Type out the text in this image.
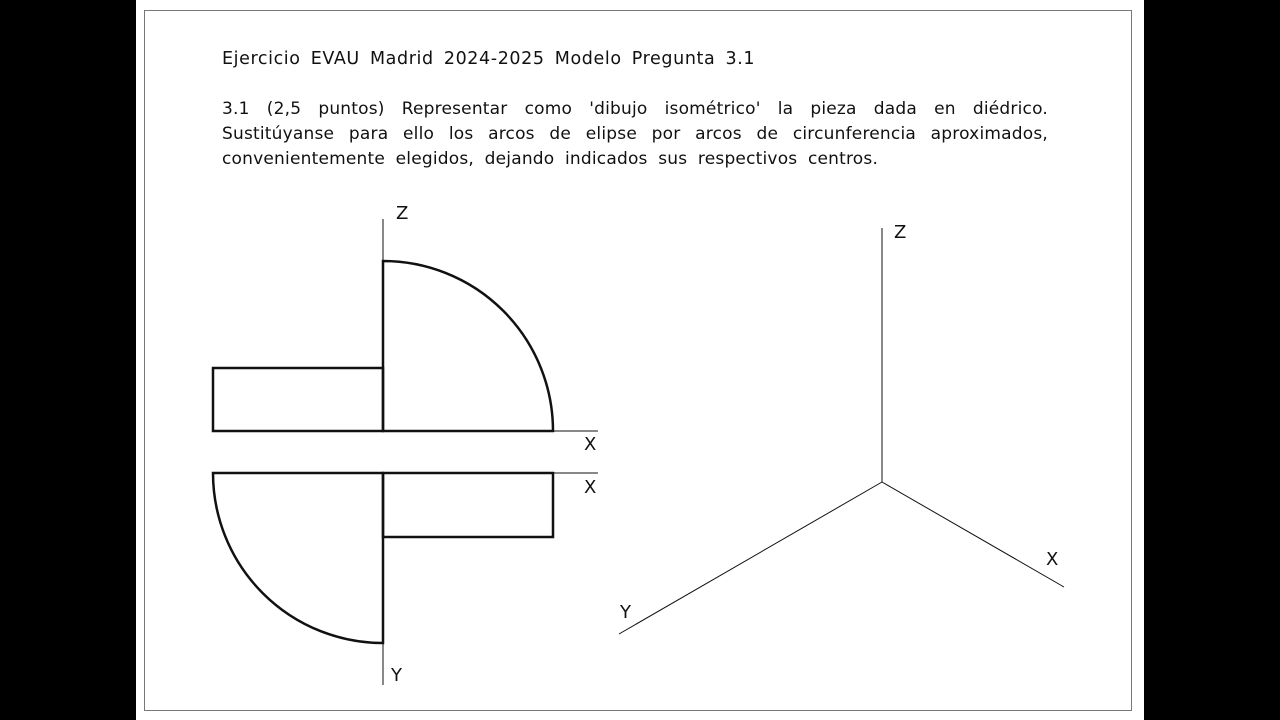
Ejercicio EVAU Madrid 2024-2025 Modelo Pregunta 3.1

3.1 (2,5 puntos) Representar como 'dibujo isométrico' la pieza dada en diédrico.
Sustitúyanse para ello los arcos de elipse por arcos de circunferencia aproximados,
convenientemente elegidos, dejando indicados sus respectivos centros.

Z
X
X
Y
Z
X
Y
